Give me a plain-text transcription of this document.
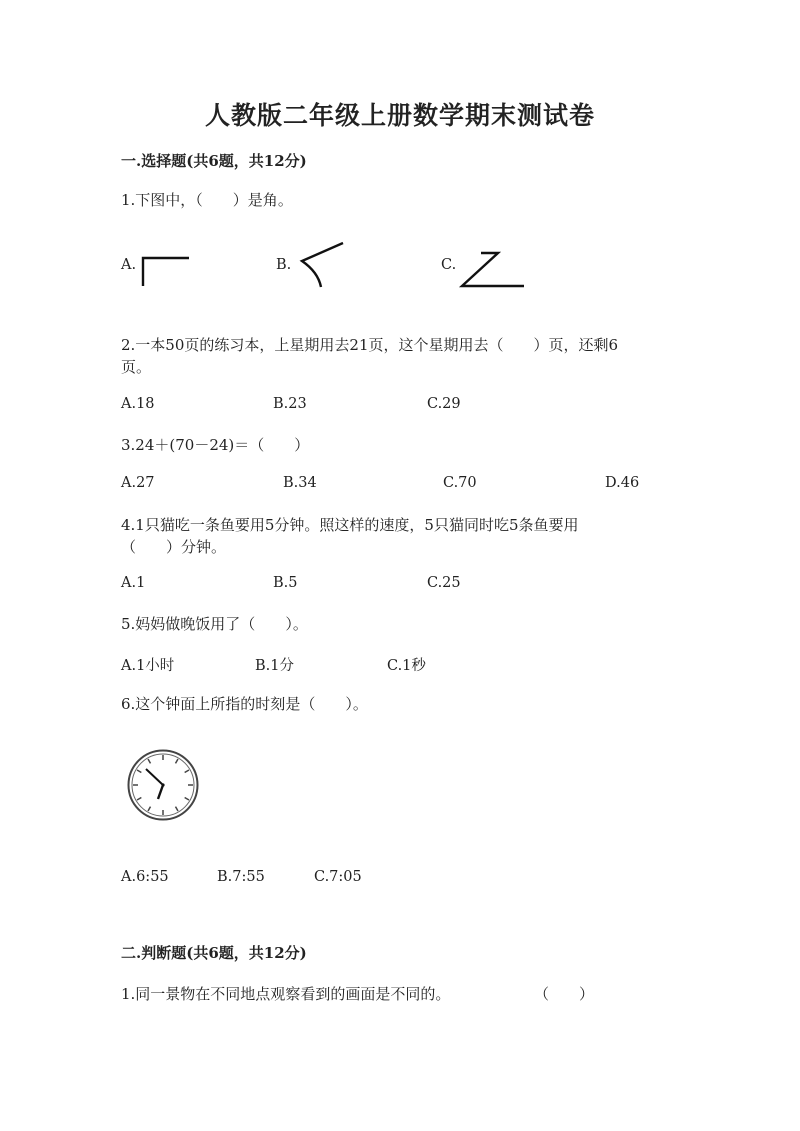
人教版二年级上册数学期末测试卷
一.选择题(共6题，共12分)
1.下图中，（　　）是角。
A.	B.	C.
2.一本50页的练习本，上星期用去21页，这个星期用去（　　）页，还剩6
页。
A.18	B.23	C.29
3.24＋(70－24)＝（　　）
A.27	B.34	C.70	D.46
4.1只猫吃一条鱼要用5分钟。照这样的速度，5只猫同时吃5条鱼要用
（　　）分钟。
A.1	B.5	C.25
5.妈妈做晚饭用了（　　）。
A.1小时	B.1分	C.1秒
6.这个钟面上所指的时刻是（　　）。
A.6:55	B.7:55	C.7:05
二.判断题(共6题，共12分)
1.同一景物在不同地点观察看到的画面是不同的。	（　　）
